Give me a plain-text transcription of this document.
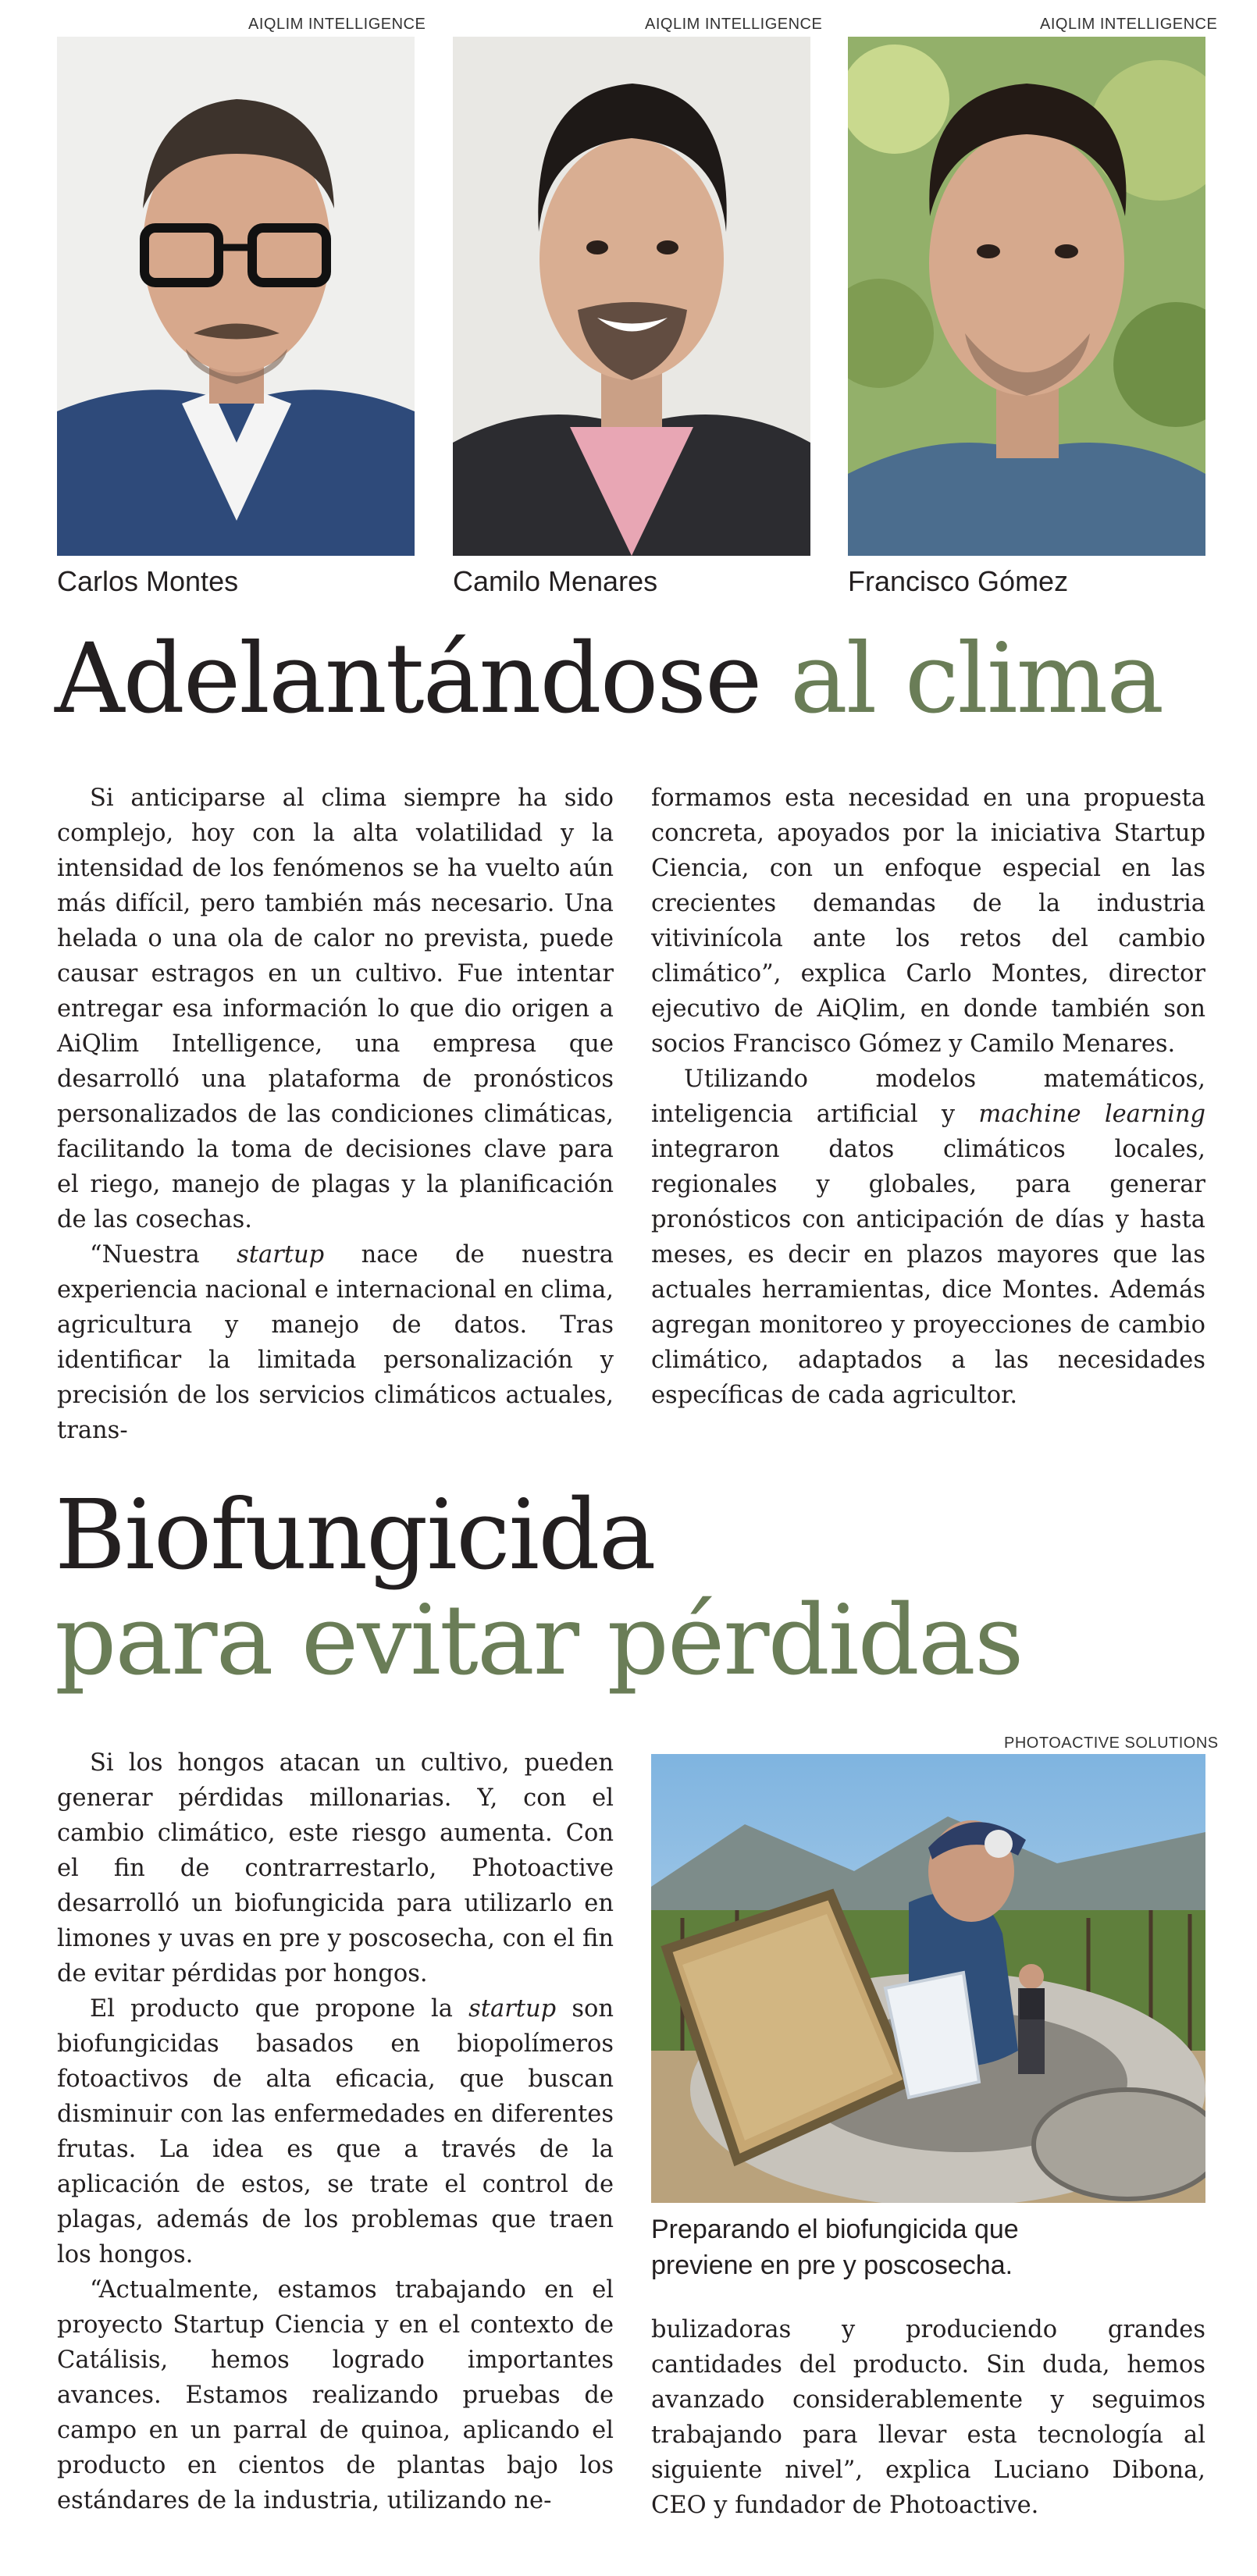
AIQLIM INTELLIGENCE	AIQLIM INTELLIGENCE	AIQLIM INTELLIGENCE
Carlos Montes	Camilo Menares	Francisco Gómez
Adelantándose al clima

Si anticiparse al clima siempre ha sido complejo, hoy con la alta volatilidad y la intensidad de los fenómenos se ha vuelto aún más difícil, pero también más necesario. Una helada o una ola de calor no prevista, puede causar estragos en un cultivo. Fue intentar entregar esa información lo que dio origen a AiQlim Intelligence, una empresa que desarrolló una plataforma de pronósticos personalizados de las condiciones climáticas, facilitando la toma de decisiones clave para el riego, manejo de plagas y la planificación de las cosechas.

“Nuestra startup nace de nuestra experiencia nacional e internacional en clima, agricultura y manejo de datos. Tras identificar la limitada personalización y precisión de los servicios climáticos actuales, trans-

formamos esta necesidad en una propuesta concreta, apoyados por la iniciativa Startup Ciencia, con un enfoque especial en las crecientes demandas de la industria vitivinícola ante los retos del cambio climático”, explica Carlo Montes, director ejecutivo de AiQlim, en donde también son socios Francisco Gómez y Camilo Menares.

Utilizando modelos matemáticos, inteligencia artificial y machine learning integraron datos climáticos locales, regionales y globales, para generar pronósticos con anticipación de días y hasta meses, es decir en plazos mayores que las actuales herramientas, dice Montes. Además agregan monitoreo y proyecciones de cambio climático, adaptados a las necesidades específicas de cada agricultor.

Biofungicida
para evitar pérdidas

Si los hongos atacan un cultivo, pueden generar pérdidas millonarias. Y, con el cambio climático, este riesgo aumenta. Con el fin de contrarrestarlo, Photoactive desarrolló un biofungicida para utilizarlo en limones y uvas en pre y poscosecha, con el fin de evitar pérdidas por hongos.

El producto que propone la startup son biofungicidas basados en biopolímeros fotoactivos de alta eficacia, que buscan disminuir con las enfermedades en diferentes frutas. La idea es que a través de la aplicación de estos, se trate el control de plagas, además de los problemas que traen los hongos.

“Actualmente, estamos trabajando en el proyecto Startup Ciencia y en el contexto de Catálisis, hemos logrado importantes avances. Estamos realizando pruebas de campo en un parral de quinoa, aplicando el producto en cientos de plantas bajo los estándares de la industria, utilizando ne-

PHOTOACTIVE SOLUTIONS
Preparando el biofungicida que previene en pre y poscosecha.

bulizadoras y produciendo grandes cantidades del producto. Sin duda, hemos avanzado considerablemente y seguimos trabajando para llevar esta tecnología al siguiente nivel”, explica Luciano Dibona, CEO y fundador de Photoactive.
